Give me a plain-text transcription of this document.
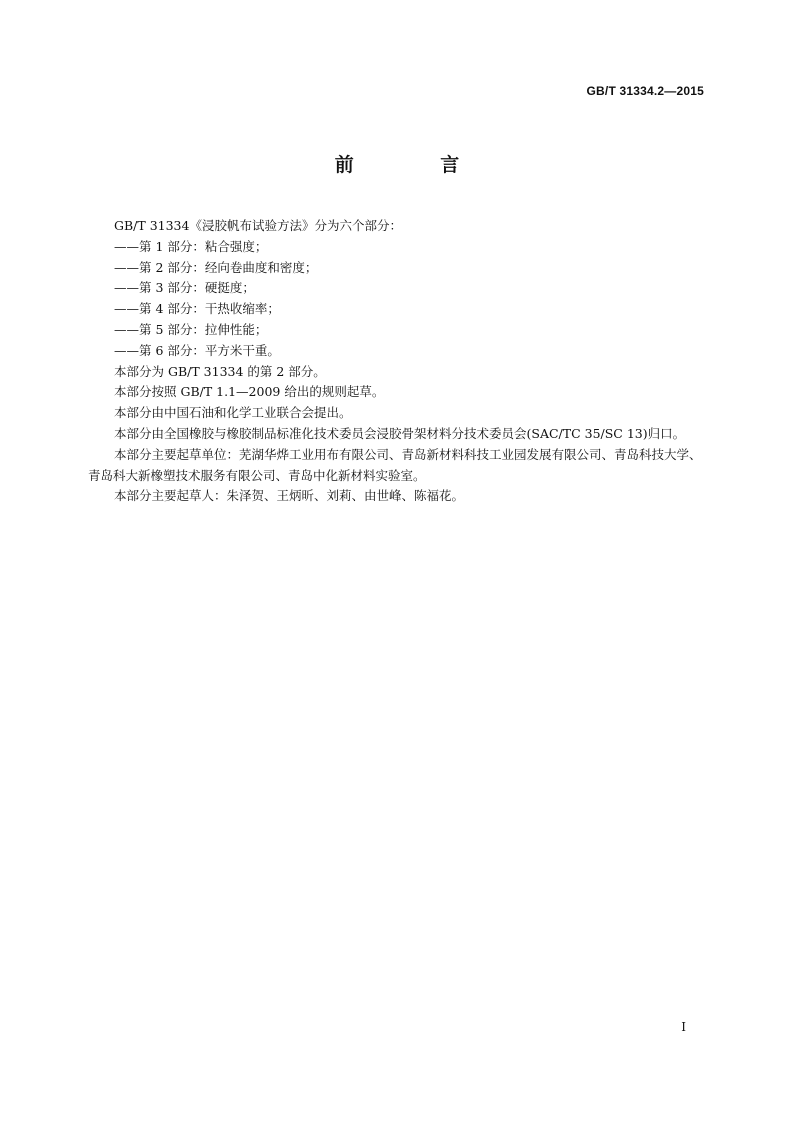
GB/T 31334.2—2015
前 言

GB/T 31334《浸胶帆布试验方法》分为六个部分：

——第 1 部分：粘合强度；

——第 2 部分：经向卷曲度和密度；

——第 3 部分：硬挺度；

——第 4 部分：干热收缩率；

——第 5 部分：拉伸性能；

——第 6 部分：平方米干重。

本部分为 GB/T 31334 的第 2 部分。

本部分按照 GB/T 1.1—2009 给出的规则起草。

本部分由中国石油和化学工业联合会提出。

本部分由全国橡胶与橡胶制品标准化技术委员会浸胶骨架材料分技术委员会(SAC/TC 35/SC 13)归口。

本部分主要起草单位：芜湖华烨工业用布有限公司、青岛新材料科技工业园发展有限公司、青岛科技大学、青岛科大新橡塑技术服务有限公司、青岛中化新材料实验室。

本部分主要起草人：朱泽贺、王炳昕、刘莉、由世峰、陈福花。

I
